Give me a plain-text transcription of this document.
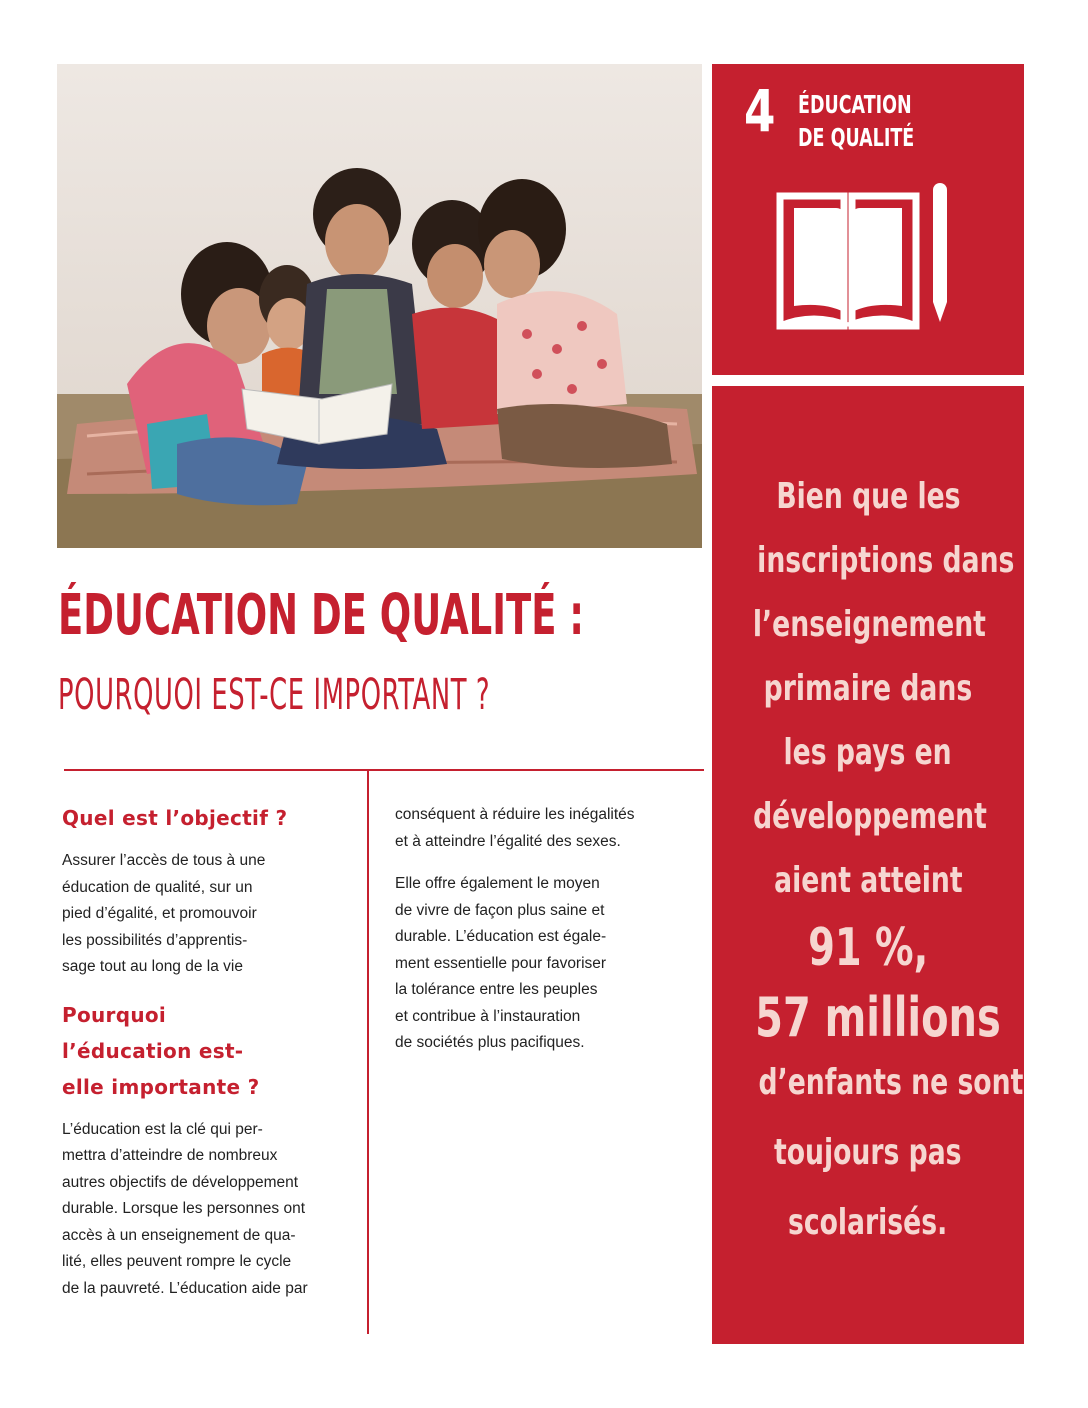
4 ÉDUCATION
DE QUALITÉ
Bien que les
inscriptions dans
l’enseignement
primaire dans
les pays en
développement
aient atteint
91 %,
57 millions
d’enfants ne sont
toujours pas
scolarisés.
ÉDUCATION DE QUALITÉ :
POURQUOI EST-CE IMPORTANT ?
Quel est l’objectif ?

Assurer l’accès de tous à une
éducation de qualité, sur un
pied d’égalité, et promouvoir
les possibilités d’apprentis-
sage tout au long de la vie

Pourquoi
l’éducation est-
elle importante ?

L’éducation est la clé qui per-
mettra d’atteindre de nombreux
autres objectifs de développement
durable. Lorsque les personnes ont
accès à un enseignement de qua-
lité, elles peuvent rompre le cycle
de la pauvreté. L’éducation aide par

conséquent à réduire les inégalités
et à atteindre l’égalité des sexes.

Elle offre également le moyen
de vivre de façon plus saine et
durable. L’éducation est égale-
ment essentielle pour favoriser
la tolérance entre les peuples
et contribue à l’instauration
de sociétés plus pacifiques.
